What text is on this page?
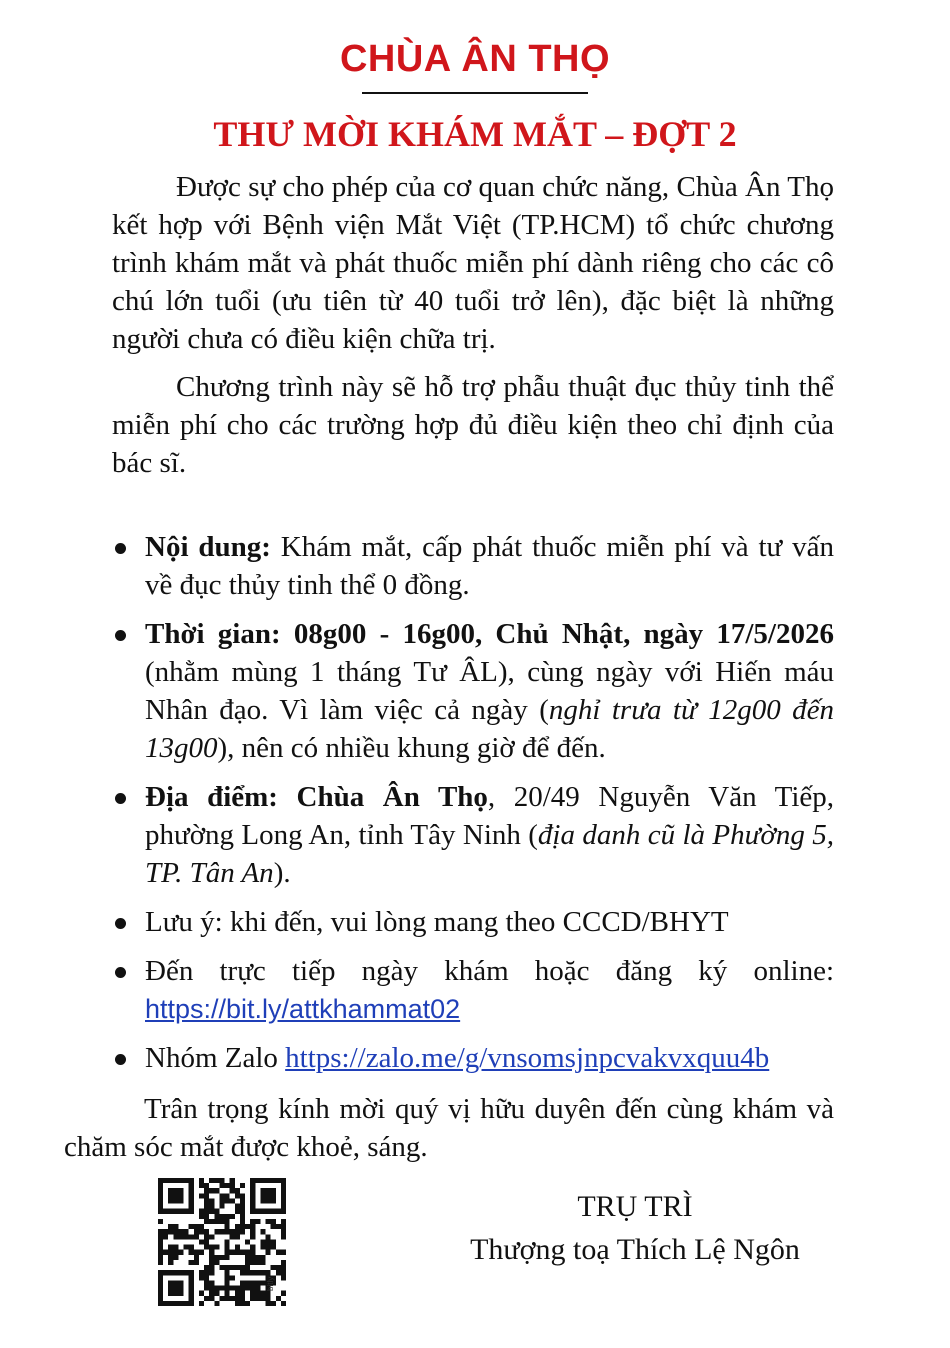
CHÙA ÂN THỌ
THƯ MỜI KHÁM MẮT – ĐỢT 2

Được sự cho phép của cơ quan chức năng, Chùa Ân Thọ kết hợp với Bệnh viện Mắt Việt (TP.HCM) tổ chức chương trình khám mắt và phát thuốc miễn phí dành riêng cho các cô chú lớn tuổi (ưu tiên từ 40 tuổi trở lên), đặc biệt là những người chưa có điều kiện chữa trị.

Chương trình này sẽ hỗ trợ phẫu thuật đục thủy tinh thể miễn phí cho các trường hợp đủ điều kiện theo chỉ định của bác sĩ.

Nội dung: Khám mắt, cấp phát thuốc miễn phí và tư vấn về đục thủy tinh thể 0 đồng.
Thời gian: 08g00 - 16g00, Chủ Nhật, ngày 17/5/2026 (nhằm mùng 1 tháng Tư ÂL), cùng ngày với Hiến máu Nhân đạo. Vì làm việc cả ngày (nghỉ trưa từ 12g00 đến 13g00), nên có nhiều khung giờ để đến.
Địa điểm: Chùa Ân Thọ, 20/49 Nguyễn Văn Tiếp, phường Long An, tỉnh Tây Ninh (địa danh cũ là Phường 5, TP. Tân An).
Lưu ý: khi đến, vui lòng mang theo CCCD/BHYT
Đến trực tiếp ngày khám hoặc đăng ký online: https://bit.ly/attkhammat02
Nhóm Zalo https://zalo.me/g/vnsomsjnpcvakvxquu4b

Trân trọng kính mời quý vị hữu duyên đến cùng khám và chăm sóc mắt được khoẻ, sáng.

bitly

TRỤ TRÌ

Thượng toạ Thích Lệ Ngôn
